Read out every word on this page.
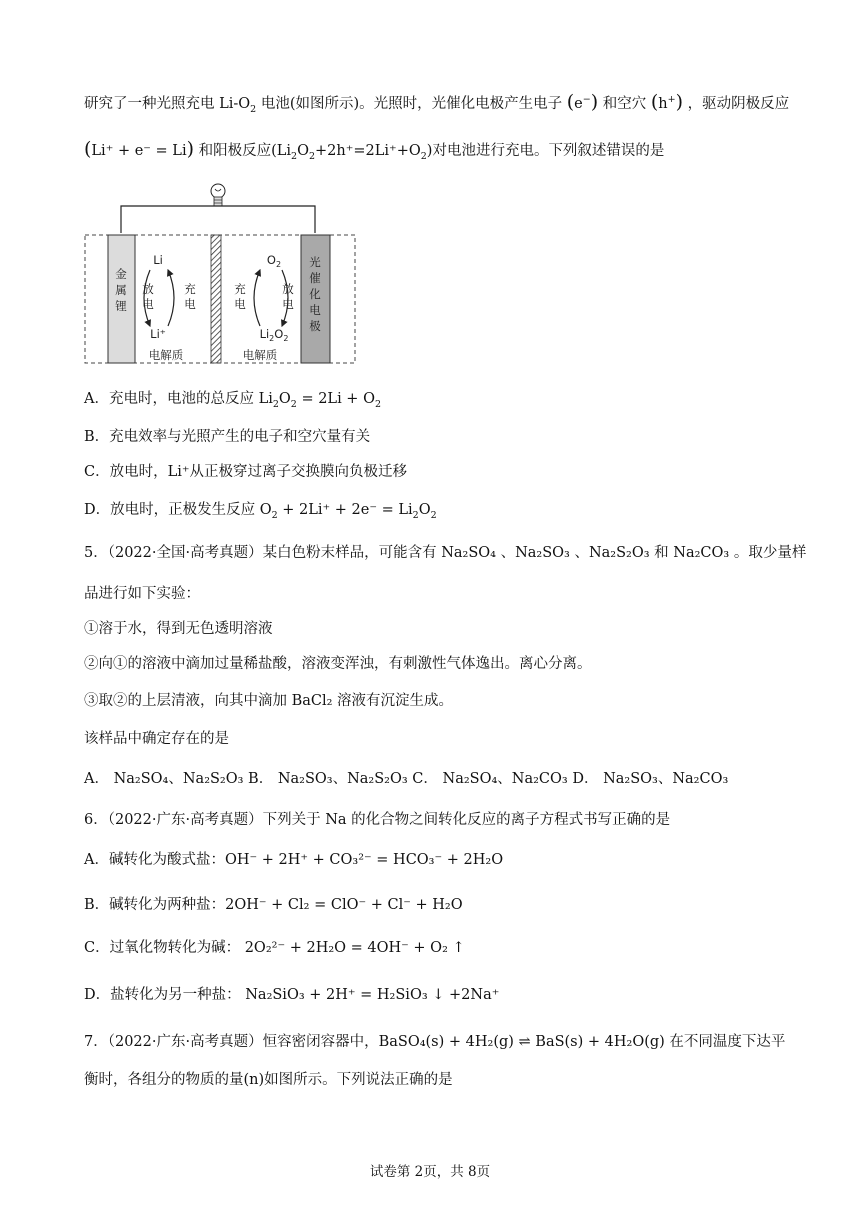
研究了一种光照充电 $Li-O_2$ 电池(如图所示)。光照时，光催化电极产生电子 (e−) 和空穴 (h+) ，驱动阴极反应
(Li⁺ + e⁻ = Li) 和阳极反应$(Li_2O_2+2h^+=2Li^++O_2)$对电池进行充电。下列叙述错误的是
金
属
锂
光
催
化
电
极
Li
Li⁺
放
电
充
电
$O_2$
$Li_2O_2$
充
电
放
电
电解质	电解质
A．充电时，电池的总反应 $Li_2O_2 = 2Li + O_2$
B．充电效率与光照产生的电子和空穴量有关
C．放电时，Li⁺从正极穿过离子交换膜向负极迁移
D．放电时，正极发生反应 $O_2 + 2Li^+ + 2e^- = Li_2O_2$
5．（2022·全国·高考真题）某白色粉末样品，可能含有 Na₂SO₄ 、Na₂SO₃ 、Na₂S₂O₃ 和 Na₂CO₃ 。取少量样
品进行如下实验：
①溶于水，得到无色透明溶液
②向①的溶液中滴加过量稀盐酸，溶液变浑浊，有刺激性气体逸出。离心分离。
③取②的上层清液，向其中滴加 BaCl₂ 溶液有沉淀生成。
该样品中确定存在的是
A． Na₂SO₄、Na₂S₂O₃ B． Na₂SO₃、Na₂S₂O₃ C． Na₂SO₄、Na₂CO₃ D． Na₂SO₃、Na₂CO₃
6．（2022·广东·高考真题）下列关于 Na 的化合物之间转化反应的离子方程式书写正确的是
A．碱转化为酸式盐：OH⁻ + 2H⁺ + CO₃²⁻ = HCO₃⁻ + 2H₂O
B．碱转化为两种盐：2OH⁻ + Cl₂ = ClO⁻ + Cl⁻ + H₂O
C．过氧化物转化为碱： 2O₂²⁻ + 2H₂O = 4OH⁻ + O₂ ↑
D．盐转化为另一种盐： Na₂SiO₃ + 2H⁺ = H₂SiO₃ ↓ +2Na⁺
7．（2022·广东·高考真题）恒容密闭容器中，BaSO₄(s) + 4H₂(g) ⇌ BaS(s) + 4H₂O(g) 在不同温度下达平
衡时，各组分的物质的量(n)如图所示。下列说法正确的是
试卷第 2页，共 8页
